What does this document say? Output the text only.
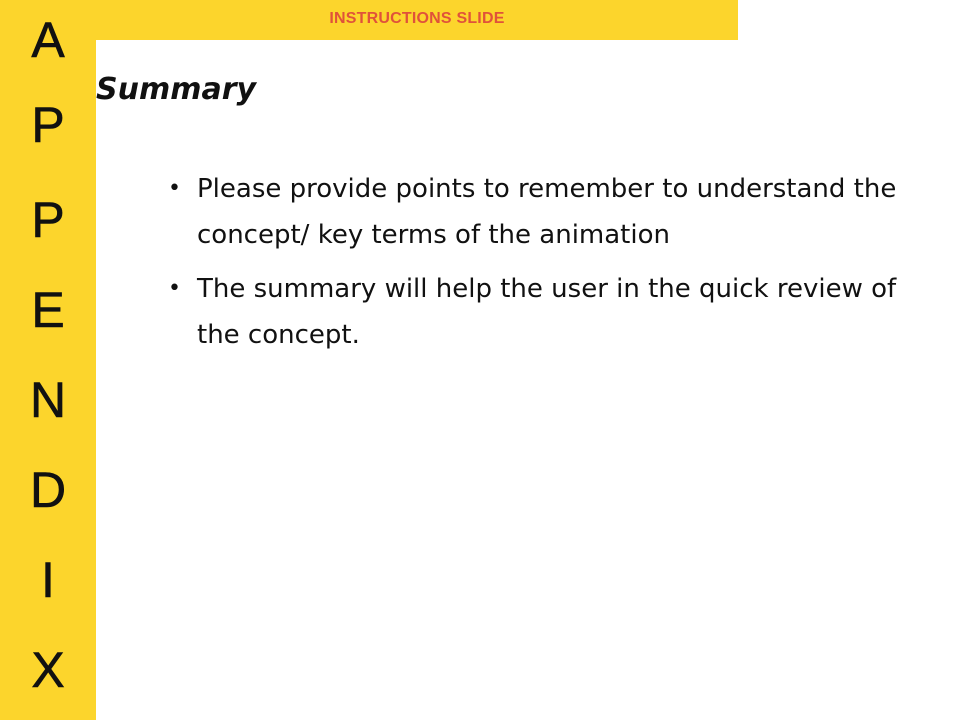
A
P
P
E
N
D
I
X
INSTRUCTIONS SLIDE
Summary
• Please provide points to remember to understand the concept/ key terms of the animation
• The summary will help the user in the quick review of the concept.
